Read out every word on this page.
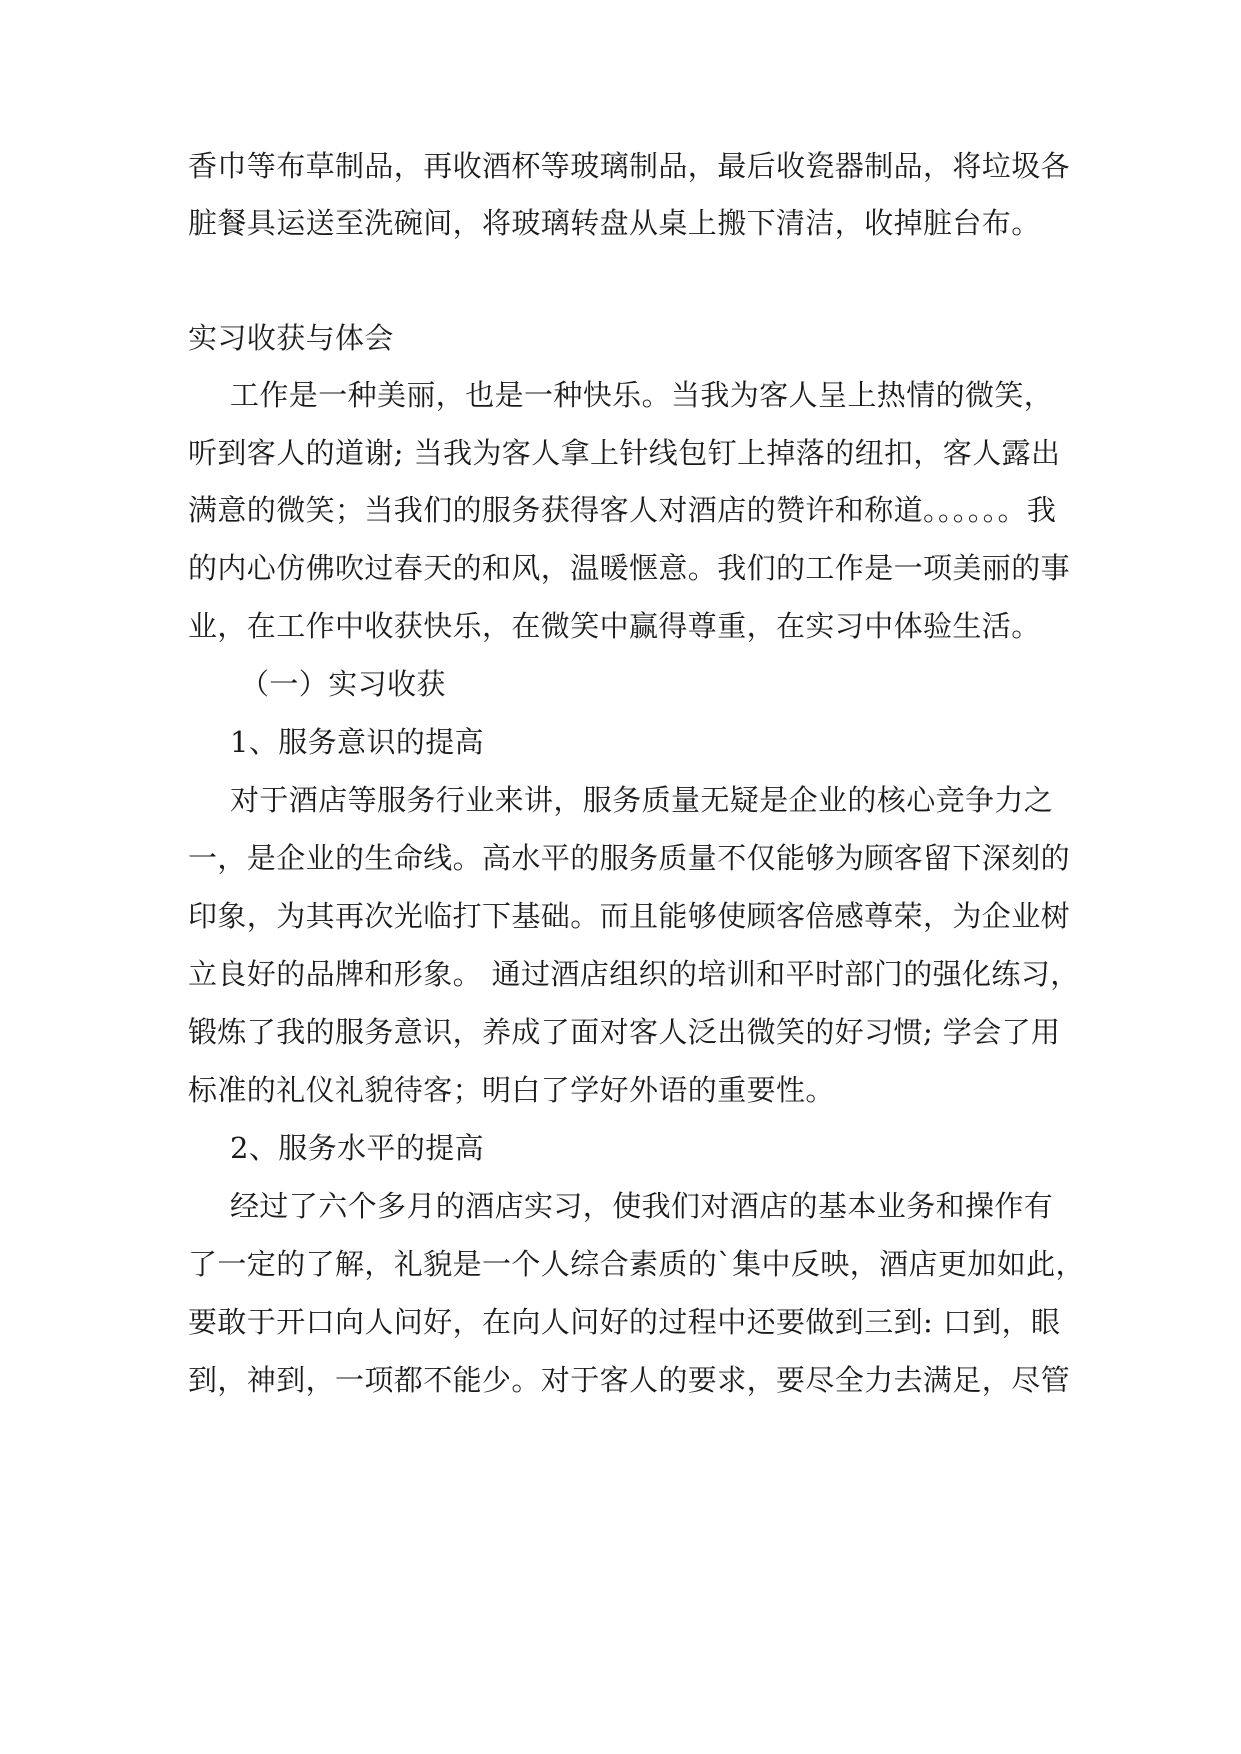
香巾等布草制品，再收酒杯等玻璃制品，最后收瓷器制品，将垃圾各
脏餐具运送至洗碗间，将玻璃转盘从桌上搬下清洁，收掉脏台布。
实习收获与体会
工作是一种美丽，也是一种快乐。当我为客人呈上热情的微笑，
听到客人的道谢; 当我为客人拿上针线包钉上掉落的纽扣，客人露出
满意的微笑；当我们的服务获得客人对酒店的赞许和称道。。。。。。我
的内心仿佛吹过春天的和风，温暖惬意。我们的工作是一项美丽的事
业，在工作中收获快乐，在微笑中赢得尊重，在实习中体验生活。
（一）实习收获
1、服务意识的提高
对于酒店等服务行业来讲，服务质量无疑是企业的核心竞争力之
一，是企业的生命线。高水平的服务质量不仅能够为顾客留下深刻的
印象，为其再次光临打下基础。而且能够使顾客倍感尊荣，为企业树
立良好的品牌和形象。 通过酒店组织的培训和平时部门的强化练习，
锻炼了我的服务意识，养成了面对客人泛出微笑的好习惯; 学会了用
标准的礼仪礼貌待客；明白了学好外语的重要性。
2、服务水平的提高
经过了六个多月的酒店实习，使我们对酒店的基本业务和操作有
了一定的了解，礼貌是一个人综合素质的`集中反映，酒店更加如此，
要敢于开口向人问好，在向人问好的过程中还要做到三到: 口到，眼
到，神到，一项都不能少。对于客人的要求，要尽全力去满足，尽管
